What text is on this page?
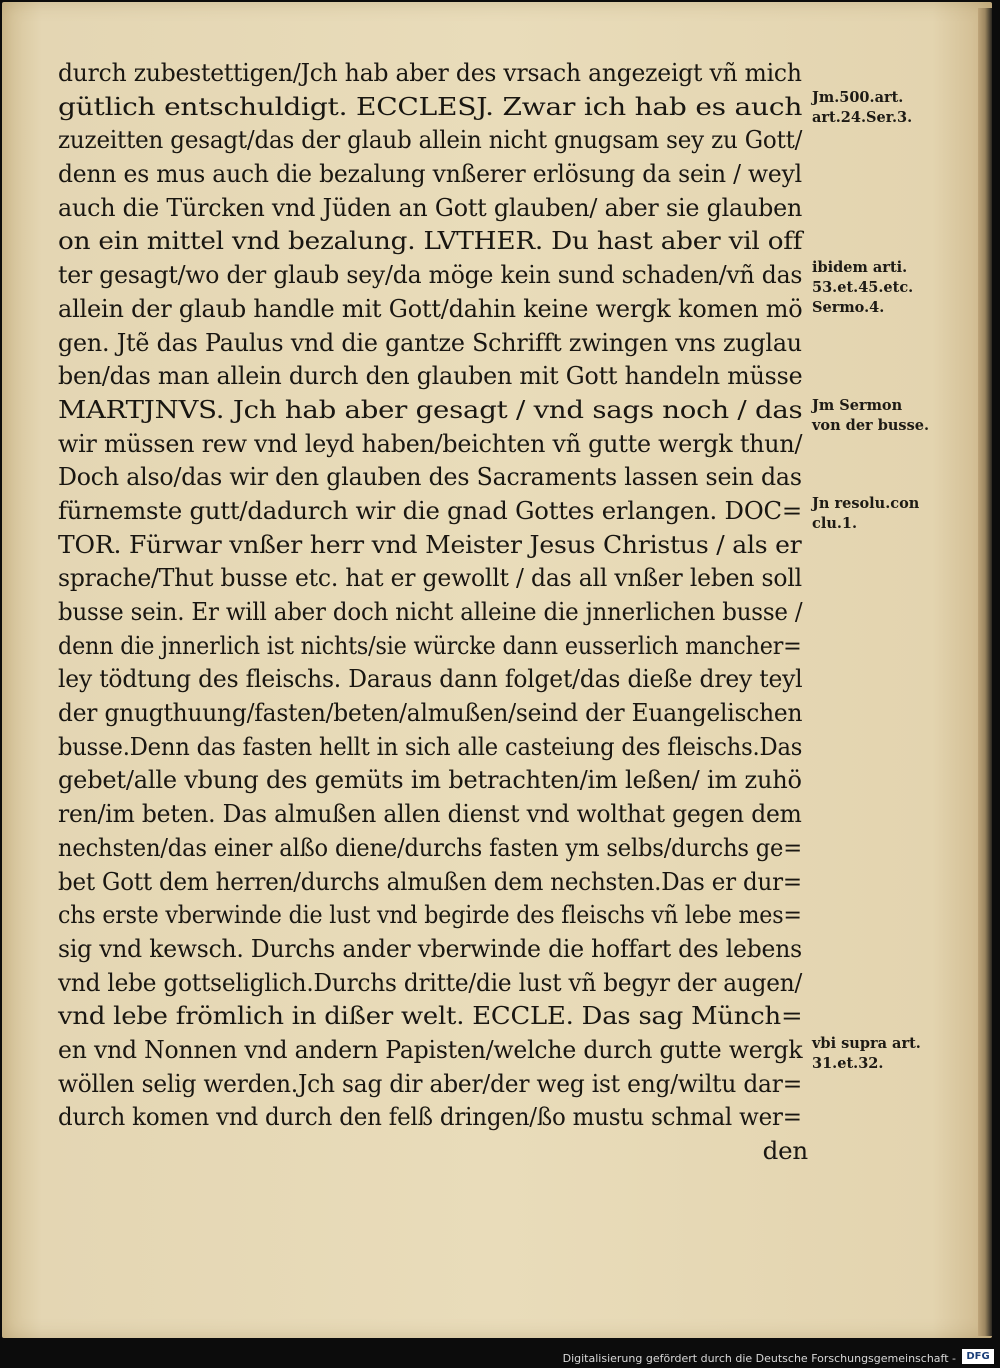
durch zubestettigen/Jch hab aber des vrsach angezeigt vñ mich
gütlich entschuldigt. ECCLESJ. Zwar ich hab es auch
zuzeitten gesagt/das der glaub allein nicht gnugsam sey zu Gott/
denn es mus auch die bezalung vnßerer erlösung da sein / weyl
auch die Türcken vnd Jüden an Gott glauben/ aber sie glauben
on ein mittel vnd bezalung. LVTHER. Du hast aber vil off
ter gesagt/wo der glaub sey/da möge kein sund schaden/vñ das
allein der glaub handle mit Gott/dahin keine wergk komen mö
gen. Jtẽ das Paulus vnd die gantze Schrifft zwingen vns zuglau
ben/das man allein durch den glauben mit Gott handeln müsse
MARTJNVS. Jch hab aber gesagt / vnd sags noch / das
wir müssen rew vnd leyd haben/beichten vñ gutte wergk thun/
Doch also/das wir den glauben des Sacraments lassen sein das
fürnemste gutt/dadurch wir die gnad Gottes erlangen. DOC=
TOR. Fürwar vnßer herr vnd Meister Jesus Christus / als er
sprache/Thut busse etc. hat er gewollt / das all vnßer leben soll
busse sein. Er will aber doch nicht alleine die jnnerlichen busse /
denn die jnnerlich ist nichts/sie würcke dann eusserlich mancher=
ley tödtung des fleischs. Daraus dann folget/das dieße drey teyl
der gnugthuung/fasten/beten/almußen/seind der Euangelischen
busse.Denn das fasten hellt in sich alle casteiung des fleischs.Das
gebet/alle vbung des gemüts im betrachten/im leßen/ im zuhö
ren/im beten. Das almußen allen dienst vnd wolthat gegen dem
nechsten/das einer alßo diene/durchs fasten ym selbs/durchs ge=
bet Gott dem herren/durchs almußen dem nechsten.Das er dur=
chs erste vberwinde die lust vnd begirde des fleischs vñ lebe mes=
sig vnd kewsch. Durchs ander vberwinde die hoffart des lebens
vnd lebe gottseliglich.Durchs dritte/die lust vñ begyr der augen/
vnd lebe frömlich in dißer welt. ECCLE. Das sag Münch=
en vnd Nonnen vnd andern Papisten/welche durch gutte wergk
wöllen selig werden.Jch sag dir aber/der weg ist eng/wiltu dar=
durch komen vnd durch den felß dringen/ßo mustu schmal wer=
den
Jm.500.art.
art.24.Ser.3.
ibidem arti.
53.et.45.etc.
Sermo.4.
Jm Sermon
von der busse.
Jn resolu.con
clu.1.
vbi supra art.
31.et.32.
Digitalisierung gefördert durch die Deutsche Forschungsgemeinschaft -	DFG
